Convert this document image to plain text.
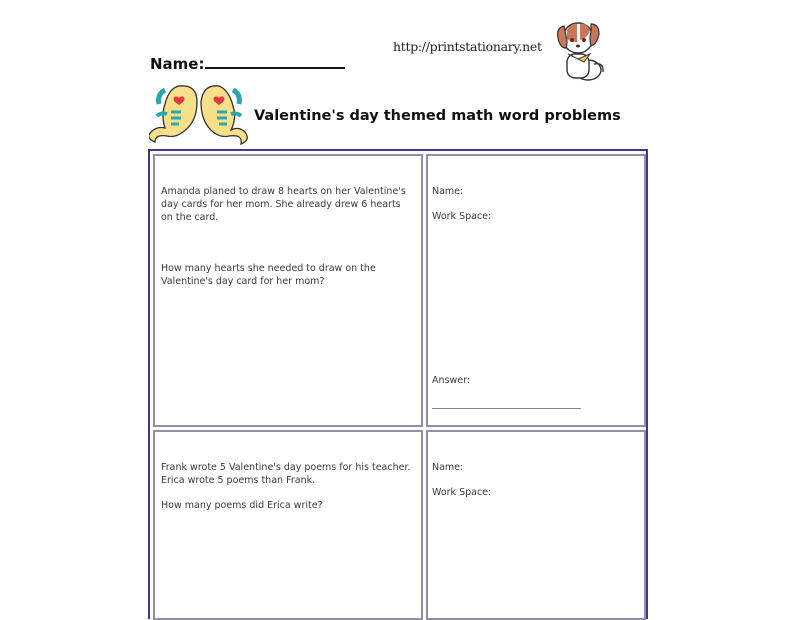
Name:
http://printstationary.net
Valentine's day themed math word problems

Amanda planed to draw 8 hearts on her Valentine's day cards for her mom. She already drew 6 hearts on the card.

How many hearts she needed to draw on the Valentine's day card for her mom?

Name:

Work Space:

Answer:

Frank wrote 5 Valentine's day poems for his teacher. Erica wrote 5 poems than Frank.

How many poems did Erica write?

Name:

Work Space:
